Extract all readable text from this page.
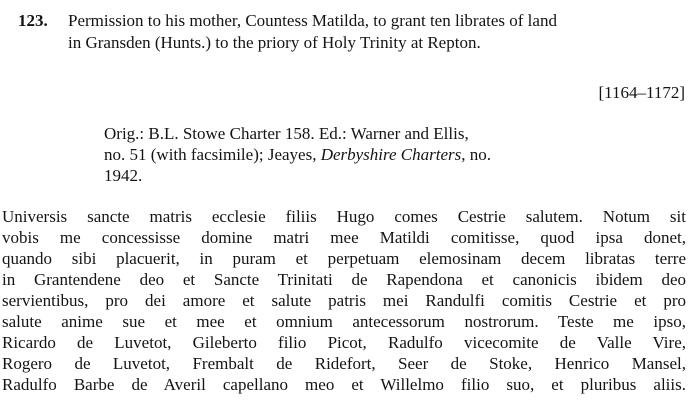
123. Permission to his mother, Countess Matilda, to grant ten librates of land
in Gransden (Hunts.) to the priory of Holy Trinity at Repton.
[1164–1172]
Orig.: B.L. Stowe Charter 158. Ed.: Warner and Ellis,
no. 51 (with facsimile); Jeayes, Derbyshire Charters, no.
1942.
Universis sancte matris ecclesie filiis Hugo comes Cestrie salutem. Notum sit
vobis me concessisse domine matri mee Matildi comitisse, quod ipsa donet,
quando sibi placuerit, in puram et perpetuam elemosinam decem libratas terre
in Grantendene deo et Sancte Trinitati de Rapendona et canonicis ibidem deo
servientibus, pro dei amore et salute patris mei Randulfi comitis Cestrie et pro
salute anime sue et mee et omnium antecessorum nostrorum. Teste me ipso,
Ricardo de Luvetot, Gileberto filio Picot, Radulfo vicecomite de Valle Vire,
Rogero de Luvetot, Frembalt de Ridefort, Seer de Stoke, Henrico Mansel,
Radulfo Barbe de Averil capellano meo et Willelmo filio suo, et pluribus aliis.
